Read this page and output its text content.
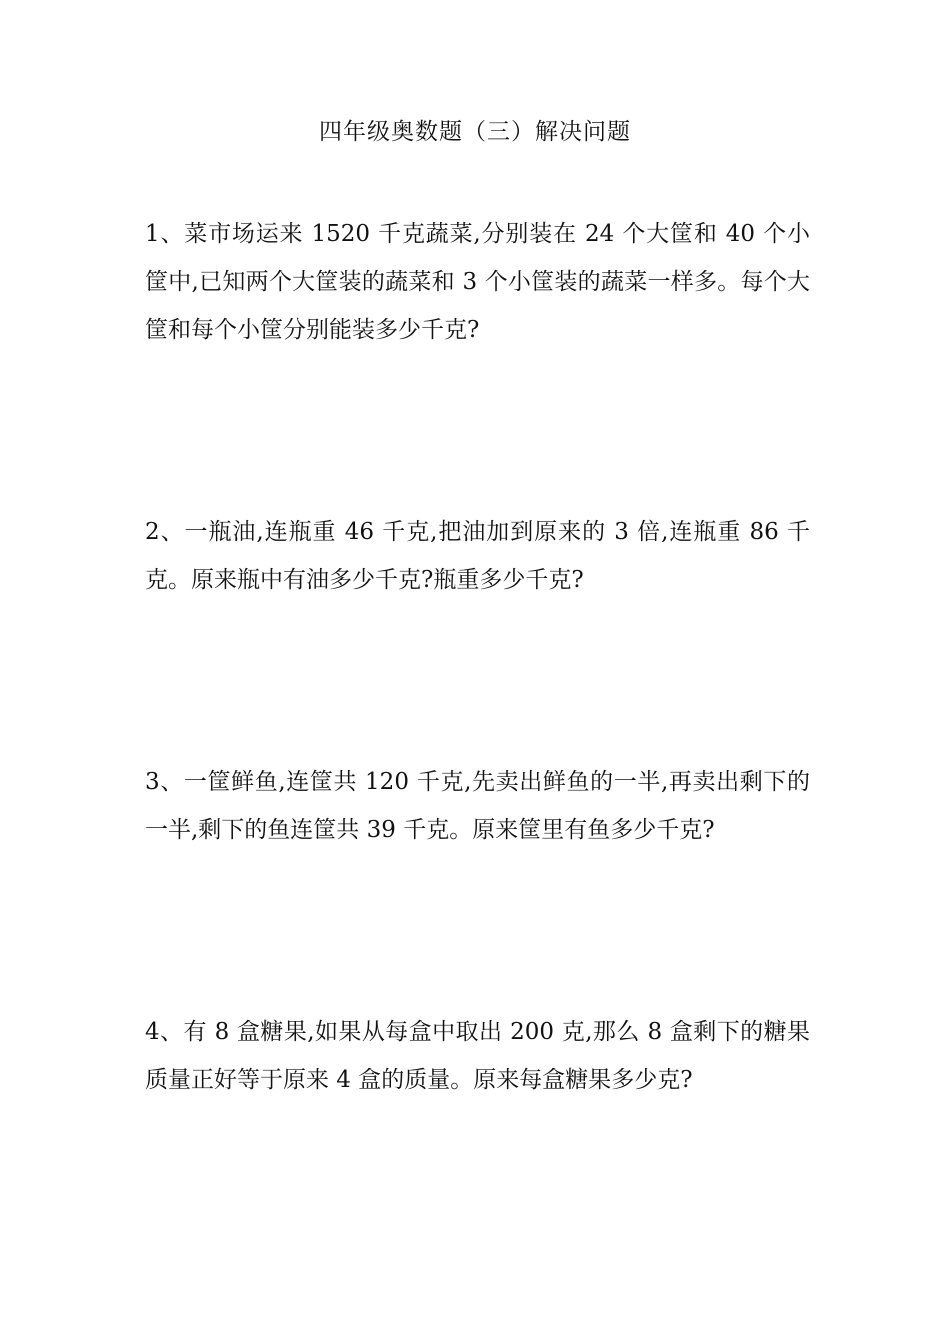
四年级奥数题（三）解决问题

1、菜市场运来 1520 千克蔬菜,分别装在 24 个大筐和 40 个小筐中,已知两个大筐装的蔬菜和 3 个小筐装的蔬菜一样多。每个大筐和每个小筐分别能装多少千克?

2、一瓶油,连瓶重 46 千克,把油加到原来的 3 倍,连瓶重 86 千克。原来瓶中有油多少千克?瓶重多少千克?

3、一筐鲜鱼,连筐共 120 千克,先卖出鲜鱼的一半,再卖出剩下的一半,剩下的鱼连筐共 39 千克。原来筐里有鱼多少千克?

4、有 8 盒糖果,如果从每盒中取出 200 克,那么 8 盒剩下的糖果质量正好等于原来 4 盒的质量。原来每盒糖果多少克?
